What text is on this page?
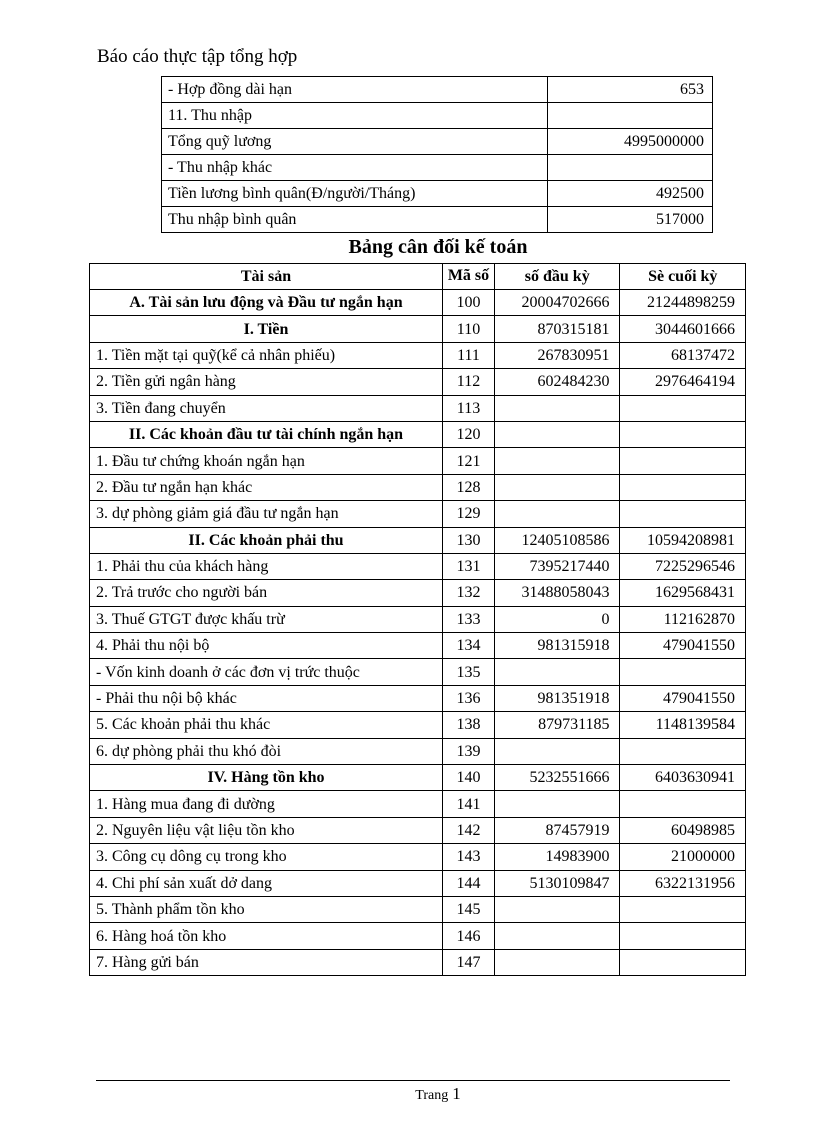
Báo cáo thực tập tổng hợp
- Hợp đồng dài hạn	653
11. Thu nhập	
Tổng quỹ lương	4995000000
- Thu nhập khác	
Tiền lương bình quân(Đ/người/Tháng)	492500
Thu nhập bình quân	517000
Bảng cân đối kế toán
Tài sản	Mã số	số đầu kỳ	Sè cuối kỳ
A. Tài sản lưu động và Đầu tư ngắn hạn	100	20004702666	21244898259
I. Tiền	110	870315181	3044601666
1. Tiền mặt tại quỹ(kể cả nhân phiếu)	111	267830951	68137472
2. Tiền gửi ngân hàng	112	602484230	2976464194
3. Tiền đang chuyển	113		
II. Các khoản đầu tư tài chính ngắn hạn	120		
1. Đầu tư chứng khoán ngắn hạn	121		
2. Đầu tư ngắn hạn khác	128		
3. dự phòng giảm giá đầu tư ngắn hạn	129		
II. Các khoản phải thu	130	12405108586	10594208981
1. Phải thu của khách hàng	131	7395217440	7225296546
2. Trả trước cho người bán	132	31488058043	1629568431
3. Thuế GTGT được khấu trừ	133	0	112162870
4. Phải thu nội bộ	134	981315918	479041550
- Vốn kinh doanh ở các đơn vị trức thuộc	135		
- Phải thu nội bộ khác	136	981351918	479041550
5. Các khoản phải thu khác	138	879731185	1148139584
6. dự phòng phải thu khó đòi	139		
IV. Hàng tồn kho	140	5232551666	6403630941
1. Hàng mua đang đi dường	141		
2. Nguyên liệu vật liệu tồn kho	142	87457919	60498985
3. Công cụ dông cụ trong kho	143	14983900	21000000
4. Chi phí sản xuất dở dang	144	5130109847	6322131956
5. Thành phẩm tồn kho	145		
6. Hàng hoá tồn kho	146		
7. Hàng gửi bán	147		
Trang 1
